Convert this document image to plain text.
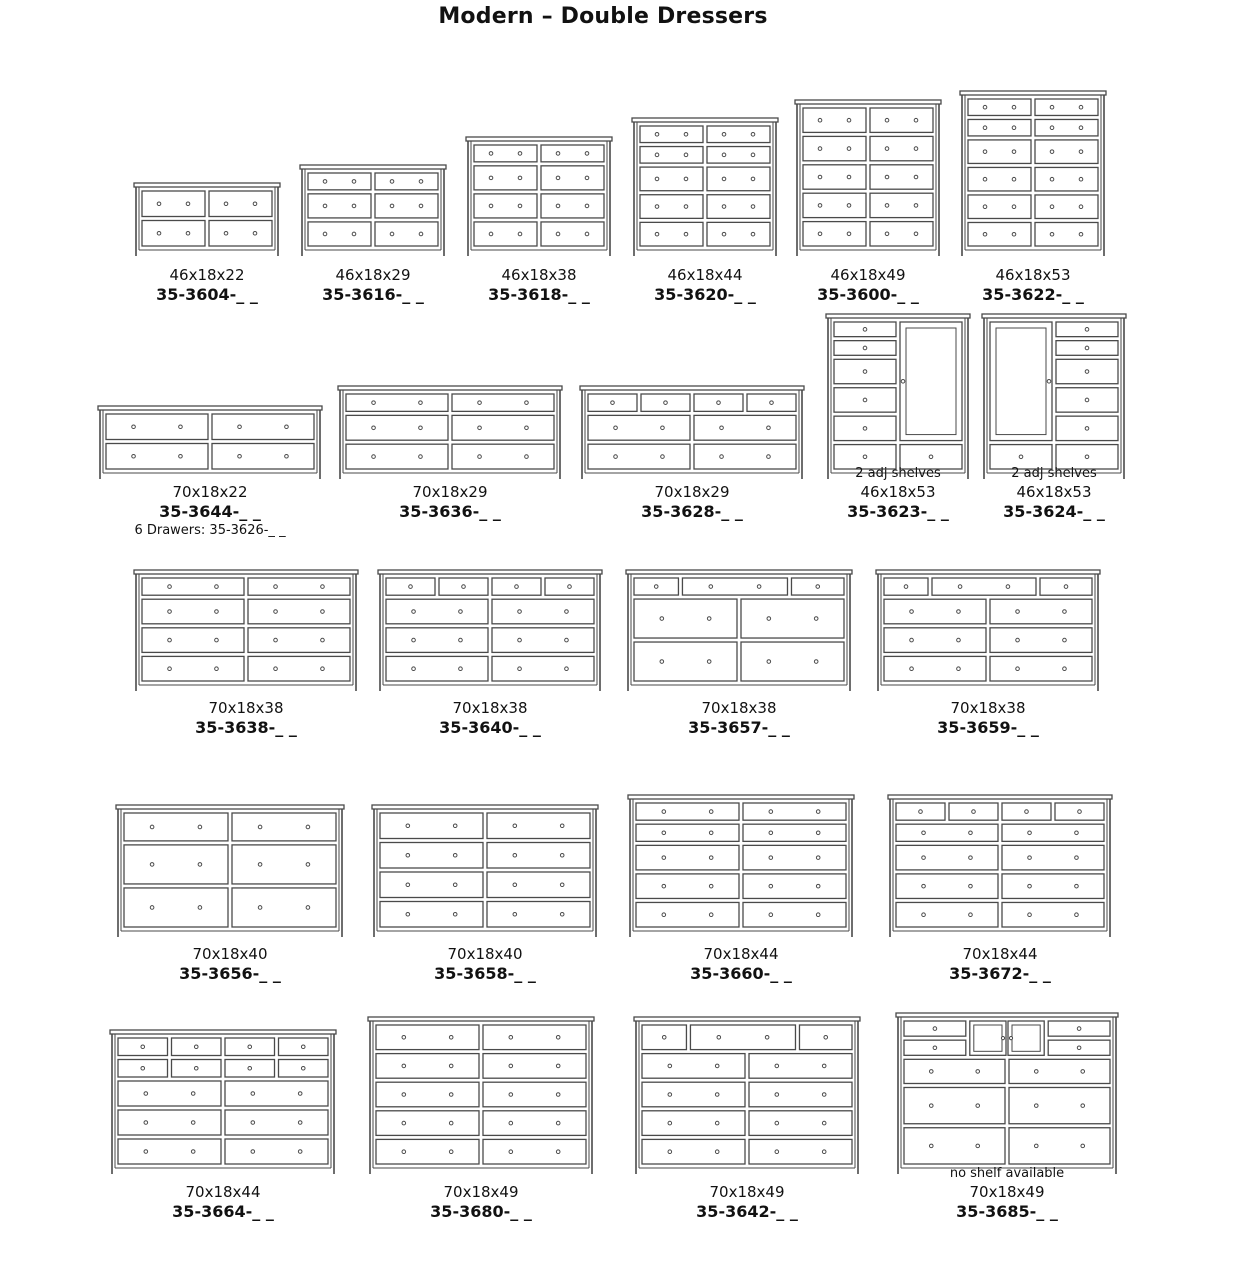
Modern – Double Dressers
46x18x22
35-3604-_ _
46x18x29
35-3616-_ _
46x18x38
35-3618-_ _
46x18x44
35-3620-_ _
46x18x49
35-3600-_ _
46x18x53
35-3622-_ _
70x18x22
35-3644-_ _
6 Drawers: 35-3626-_ _
70x18x29
35-3636-_ _
70x18x29
35-3628-_ _
2 adj shelves
46x18x53
35-3623-_ _
2 adj shelves
46x18x53
35-3624-_ _
70x18x38
35-3638-_ _
70x18x38
35-3640-_ _
70x18x38
35-3657-_ _
70x18x38
35-3659-_ _
70x18x40
35-3656-_ _
70x18x40
35-3658-_ _
70x18x44
35-3660-_ _
70x18x44
35-3672-_ _
70x18x44
35-3664-_ _
70x18x49
35-3680-_ _
70x18x49
35-3642-_ _
no shelf available
70x18x49
35-3685-_ _
